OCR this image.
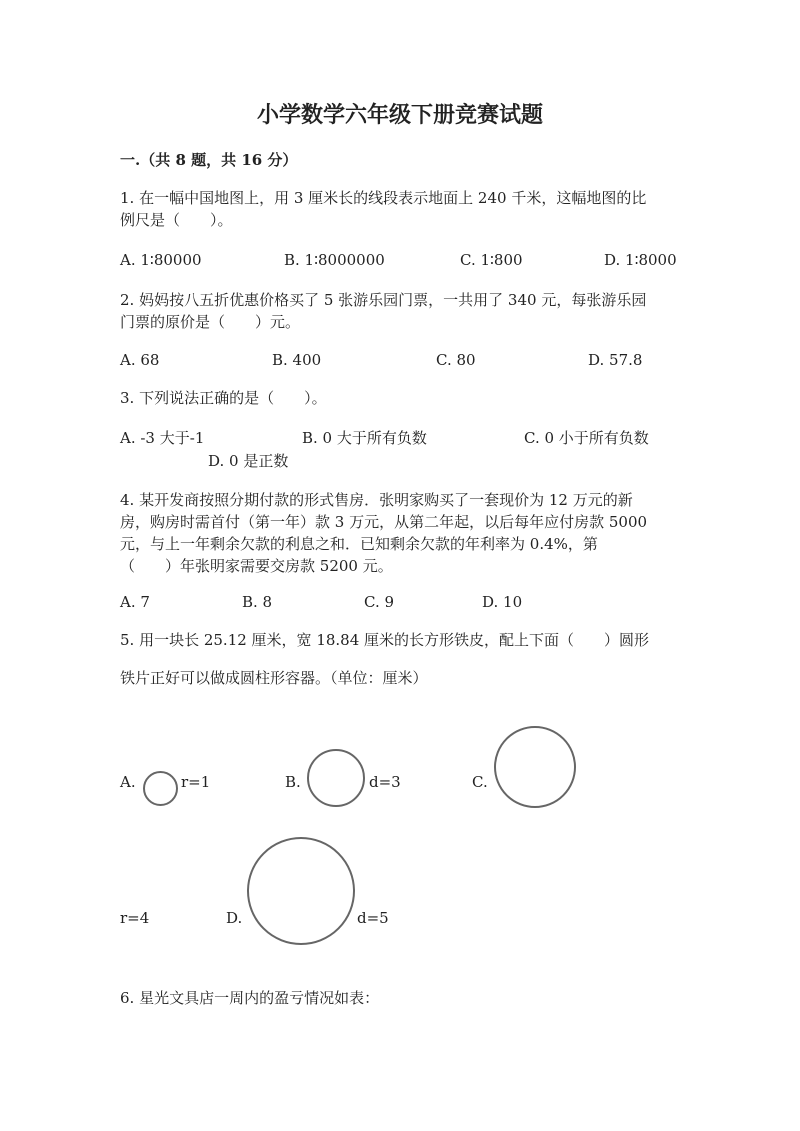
小学数学六年级下册竞赛试题
一.（共 8 题，共 16 分）
1. 在一幅中国地图上，用 3 厘米长的线段表示地面上 240 千米，这幅地图的比
例尺是（　　）。
A. 1∶80000	B. 1∶8000000	C. 1∶800	D. 1∶8000
2. 妈妈按八五折优惠价格买了 5 张游乐园门票，一共用了 340 元，每张游乐园
门票的原价是（　　）元。
A. 68	B. 400	C. 80	D. 57.8
3. 下列说法正确的是（　　）。
A. -3 大于-1	B. 0 大于所有负数	C. 0 小于所有负数
D. 0 是正数
4. 某开发商按照分期付款的形式售房．张明家购买了一套现价为 12 万元的新
房，购房时需首付（第一年）款 3 万元，从第二年起，以后每年应付房款 5000
元，与上一年剩余欠款的利息之和．已知剩余欠款的年利率为 0.4%，第
（　　）年张明家需要交房款 5200 元。
A. 7	B. 8	C. 9	D. 10
5. 用一块长 25.12 厘米，宽 18.84 厘米的长方形铁皮，配上下面（　　）圆形
铁片正好可以做成圆柱形容器。（单位：厘米）
A.	r=1	B.	d=3	C.
r=4	D.	d=5
6. 星光文具店一周内的盈亏情况如表：
